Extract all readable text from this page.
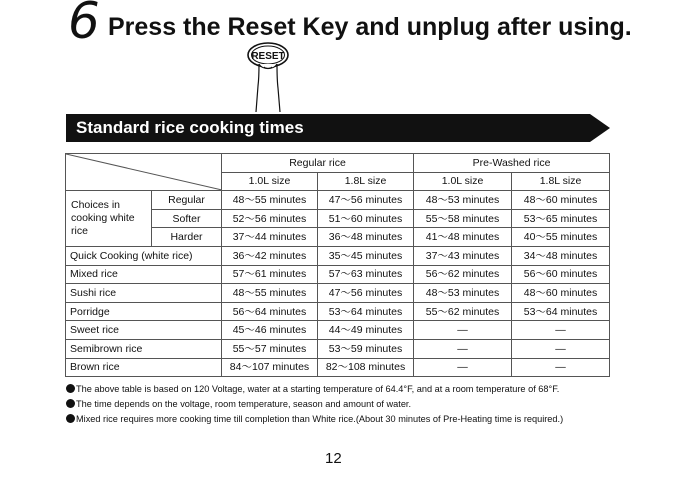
6 Press the Reset Key and unplug after using.
RESET
Standard rice cooking times
	Regular rice		Pre-Washed rice	
		1.0L size	1.8L size	1.0L size	1.8L size
Choices in cooking white rice	Regular	48～55 minutes	47～56 minutes	48～53 minutes	48～60 minutes
	Softer	52～56 minutes	51～60 minutes	55～58 minutes	53～65 minutes
	Harder	37～44 minutes	36～48 minutes	41～48 minutes	40～55 minutes
Quick Cooking (white rice)		36～42 minutes	35～45 minutes	37～43 minutes	34～48 minutes
Mixed rice		57～61 minutes	57～63 minutes	56～62 minutes	56～60 minutes
Sushi rice		48～55 minutes	47～56 minutes	48～53 minutes	48～60 minutes
Porridge		56～64 minutes	53～64 minutes	55～62 minutes	53～64 minutes
Sweet rice		45～46 minutes	44～49 minutes	—	—
Semibrown rice		55～57 minutes	53～59 minutes	—	—
Brown rice		84～107 minutes	82～108 minutes	—	—
The above table is based on 120 Voltage, water at a starting temperature of 64.4°F, and at a room temperature of 68°F.
The time depends on the voltage, room temperature, season and amount of water.
Mixed rice requires more cooking time till completion than White rice.(About 30 minutes of Pre-Heating time is required.)
12
